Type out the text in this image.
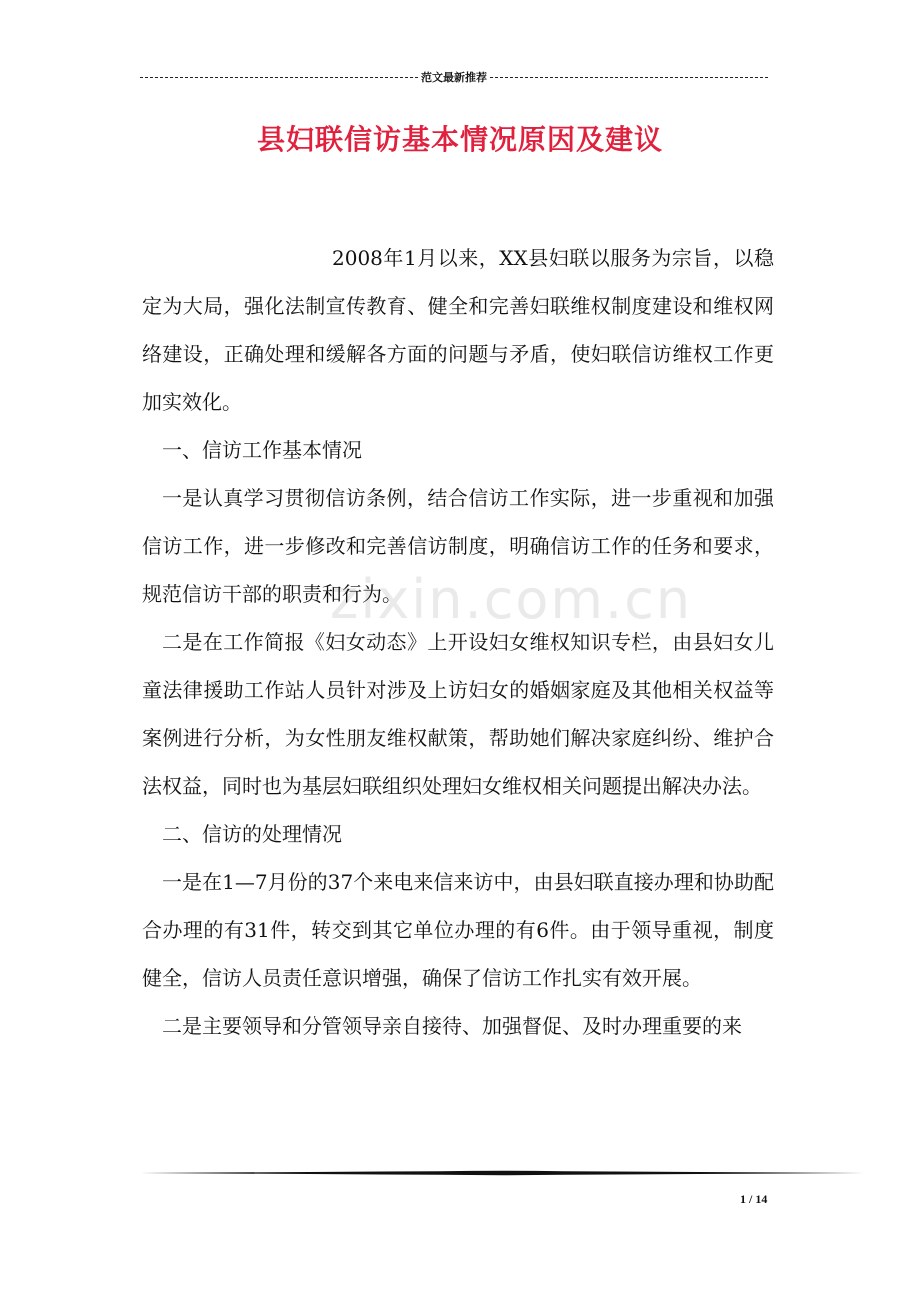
范文最新推荐
县妇联信访基本情况原因及建议
zixin.com.cn

2008年1月以来，XX县妇联以服务为宗旨，以稳定为大局，强化法制宣传教育、健全和完善妇联维权制度建设和维权网络建设，正确处理和缓解各方面的问题与矛盾，使妇联信访维权工作更加实效化。

一、信访工作基本情况

一是认真学习贯彻信访条例，结合信访工作实际，进一步重视和加强信访工作，进一步修改和完善信访制度，明确信访工作的任务和要求，规范信访干部的职责和行为。

二是在工作简报《妇女动态》上开设妇女维权知识专栏，由县妇女儿童法律援助工作站人员针对涉及上访妇女的婚姻家庭及其他相关权益等案例进行分析，为女性朋友维权献策，帮助她们解决家庭纠纷、维护合法权益，同时也为基层妇联组织处理妇女维权相关问题提出解决办法。

二、信访的处理情况

一是在1—7月份的37个来电来信来访中，由县妇联直接办理和协助配合办理的有31件，转交到其它单位办理的有6件。由于领导重视，制度健全，信访人员责任意识增强，确保了信访工作扎实有效开展。

二是主要领导和分管领导亲自接待、加强督促、及时办理重要的来

1 / 14
